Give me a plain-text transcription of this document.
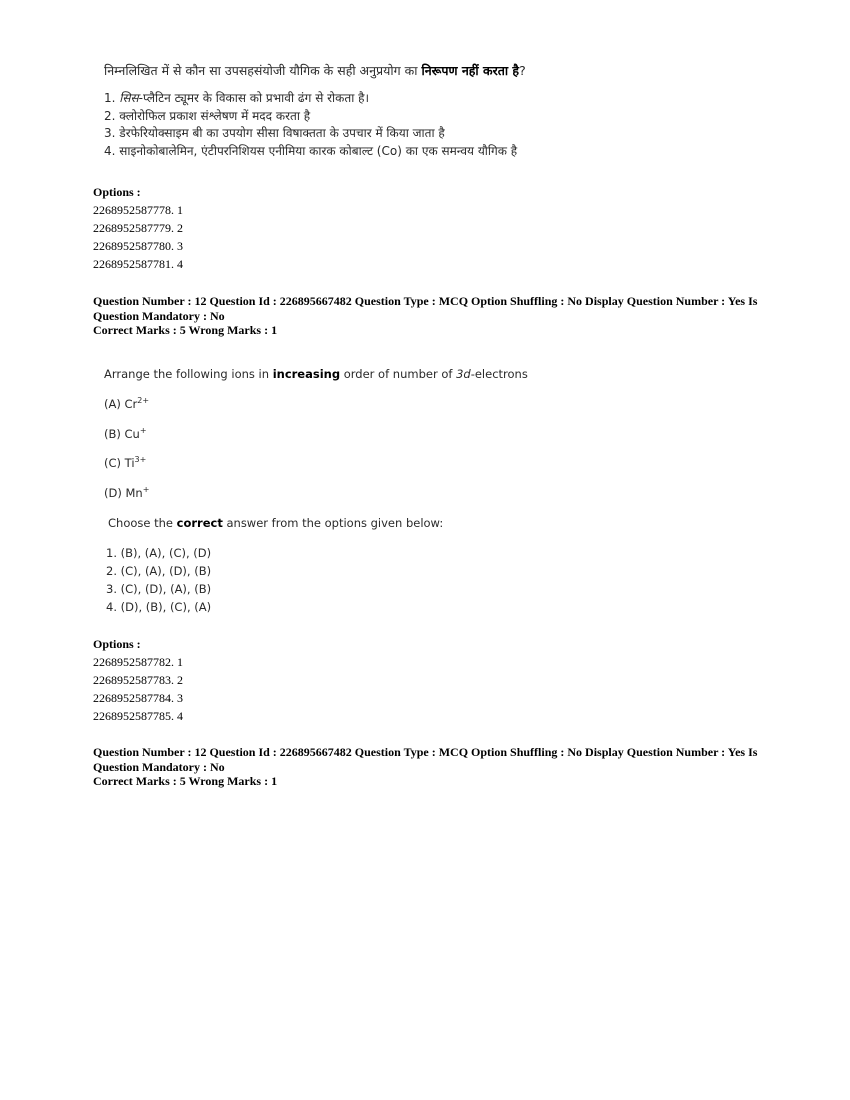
निम्नलिखित में से कौन सा उपसहसंयोजी यौगिक के सही अनुप्रयोग का निरूपण नहीं करता है?
1. सिस-प्लैटिन ट्यूमर के विकास को प्रभावी ढंग से रोकता है।
2. क्लोरोफिल प्रकाश संश्लेषण में मदद करता है
3. डेरफेरियोक्साइम बी का उपयोग सीसा विषाक्तता के उपचार में किया जाता है
4. साइनोकोबालेमिन, एंटीपरनिशियस एनीमिया कारक कोबाल्ट (Co) का एक समन्वय यौगिक है
Options :
2268952587778. 1
2268952587779. 2
2268952587780. 3
2268952587781. 4
Question Number : 12 Question Id : 226895667482 Question Type : MCQ Option Shuffling : No Display Question Number : Yes Is
Question Mandatory : No
Correct Marks : 5 Wrong Marks : 1
Arrange the following ions in increasing order of number of 3d-electrons
(A) $Cr^{2+}$
(B) Cu+
(C) $Ti^{3+}$
(D) Mn+
Choose the correct answer from the options given below:
1. (B), (A), (C), (D)
2. (C), (A), (D), (B)
3. (C), (D), (A), (B)
4. (D), (B), (C), (A)
Options :
2268952587782. 1
2268952587783. 2
2268952587784. 3
2268952587785. 4
Question Number : 12 Question Id : 226895667482 Question Type : MCQ Option Shuffling : No Display Question Number : Yes Is
Question Mandatory : No
Correct Marks : 5 Wrong Marks : 1
